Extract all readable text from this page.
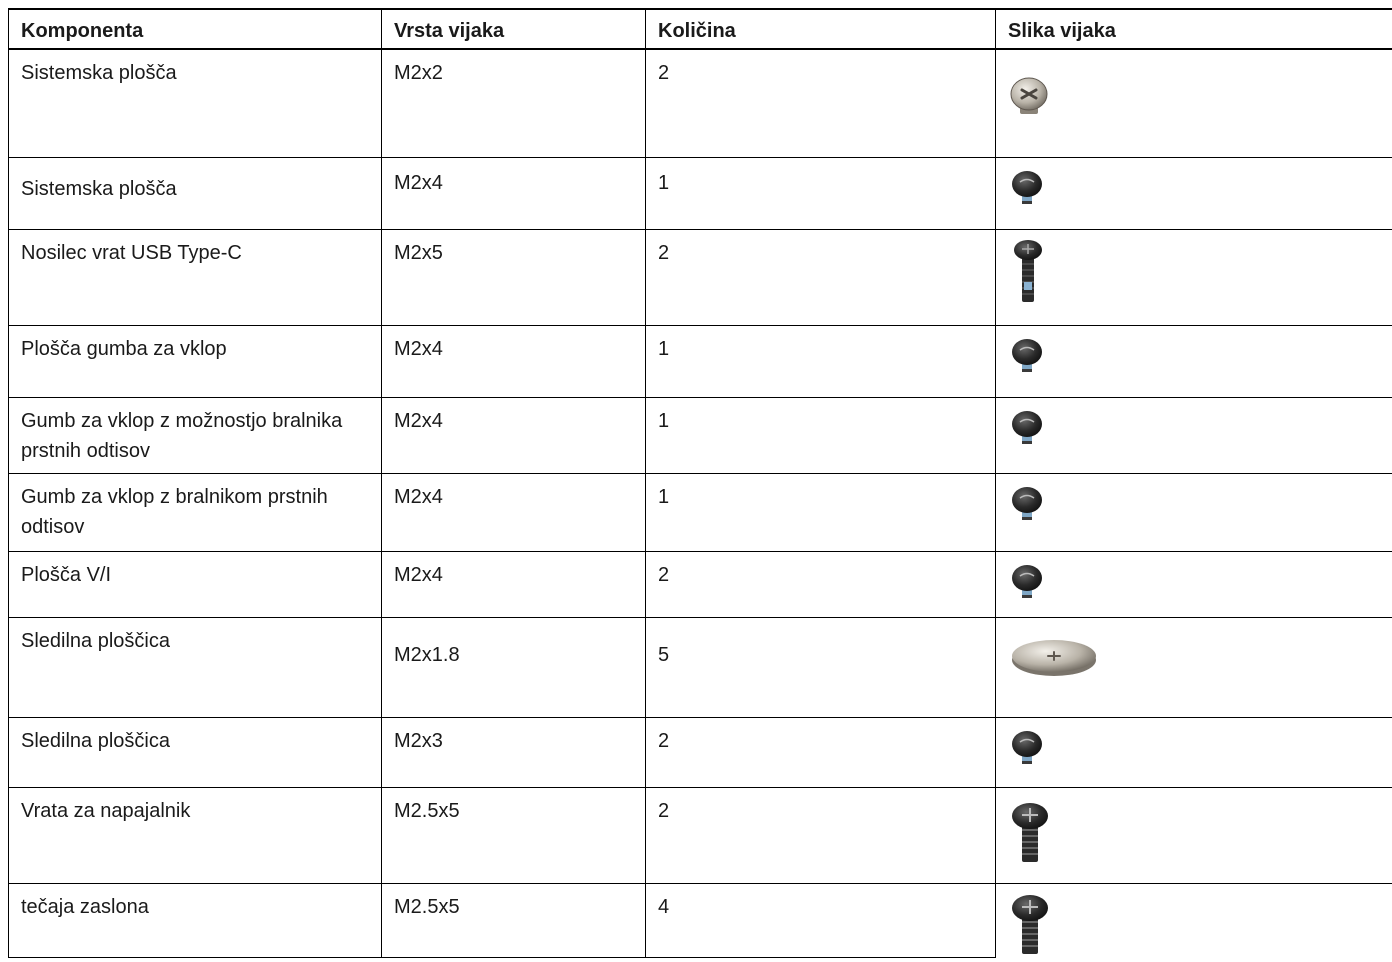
Komponenta	Vrsta vijaka	Količina	Slika vijaka
Sistemska plošča	M2x2	2	

Sistemska plošča	M2x4	1	

Nosilec vrat USB Type-C	M2x5	2	

Plošča gumba za vklop	M2x4	1	

Gumb za vklop z možnostjo bralnika prstnih odtisov	M2x4	1	

Gumb za vklop z bralnikom prstnih odtisov	M2x4	1	

Plošča V/I	M2x4	2	

Sledilna ploščica	M2x1.8	5	

Sledilna ploščica	M2x3	2	

Vrata za napajalnik	M2.5x5	2	

tečaja zaslona	M2.5x5	4	
